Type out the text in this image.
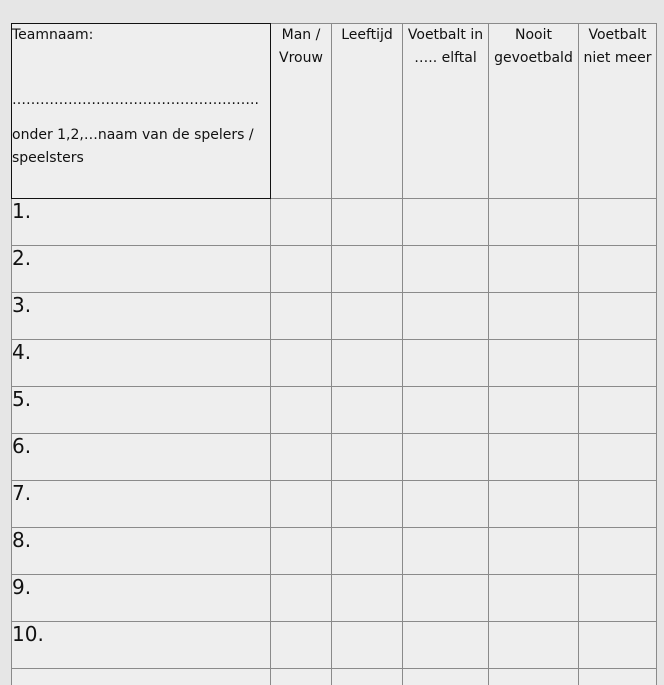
Teamnaam:
……………………………………………..
onder 1,2,…naam van de spelers / speelsters	Man / Vrouw	Leeftijd	Voetbalt in ….. elftal	Nooit gevoetbald	Voetbalt niet meer
1.					
2.					
3.					
4.					
5.					
6.					
7.					
8.					
9.					
10.					
